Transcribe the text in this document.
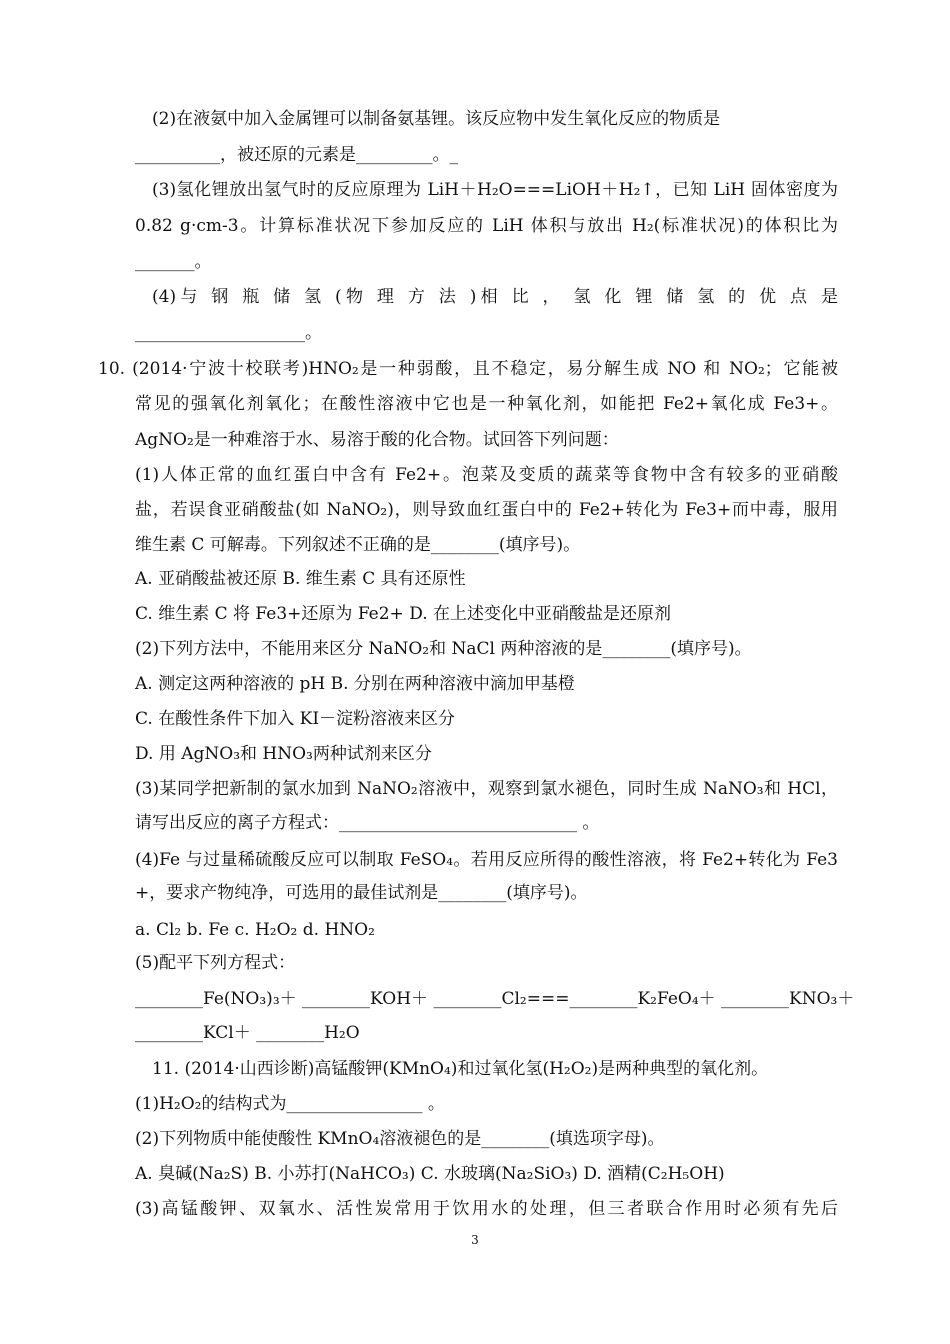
(2)在液氨中加入金属锂可以制备氨基锂。该反应物中发生氧化反应的物质是
__________，被还原的元素是_________。_
(3)氢化锂放出氢气时的反应原理为 LiH＋H₂O===LiOH＋H₂↑，已知 LiH 固体密度为
0.82 g·cm-3。计算标准状况下参加反应的 LiH 体积与放出 H₂(标准状况)的体积比为
_______。
(4)与 钢 瓶 储 氢 (物 理 方 法 )相 比 ， 氢 化 锂 储 氢 的 优 点 是
____________________。
10. (2014·宁波十校联考)HNO₂是一种弱酸，且不稳定，易分解生成 NO 和 NO₂；它能被
常见的强氧化剂氧化；在酸性溶液中它也是一种氧化剂，如能把 Fe2+氧化成 Fe3+。
AgNO₂是一种难溶于水、易溶于酸的化合物。试回答下列问题：
(1)人体正常的血红蛋白中含有 Fe2+。泡菜及变质的蔬菜等食物中含有较多的亚硝酸
盐，若误食亚硝酸盐(如 NaNO₂)，则导致血红蛋白中的 Fe2+转化为 Fe3+而中毒，服用
维生素 C 可解毒。下列叙述不正确的是________(填序号)。
A. 亚硝酸盐被还原 B. 维生素 C 具有还原性
C. 维生素 C 将 Fe3+还原为 Fe2+ D. 在上述变化中亚硝酸盐是还原剂
(2)下列方法中，不能用来区分 NaNO₂和 NaCl 两种溶液的是________(填序号)。
A. 测定这两种溶液的 pH B. 分别在两种溶液中滴加甲基橙
C. 在酸性条件下加入 KI－淀粉溶液来区分
D. 用 AgNO₃和 HNO₃两种试剂来区分
(3)某同学把新制的氯水加到 NaNO₂溶液中，观察到氯水褪色，同时生成 NaNO₃和 HCl，
请写出反应的离子方程式：____________________________ 。
(4)Fe 与过量稀硫酸反应可以制取 FeSO₄。若用反应所得的酸性溶液，将 Fe2+转化为 Fe3
+，要求产物纯净，可选用的最佳试剂是________(填序号)。
a. Cl₂ b. Fe c. H₂O₂ d. HNO₂
(5)配平下列方程式：
________Fe(NO₃)₃＋ ________KOH＋ ________Cl₂===________K₂FeO₄＋ ________KNO₃＋
________KCl＋ ________H₂O
11. (2014·山西诊断)高锰酸钾(KMnO₄)和过氧化氢(H₂O₂)是两种典型的氧化剂。
(1)H₂O₂的结构式为________________ 。
(2)下列物质中能使酸性 KMnO₄溶液褪色的是________(填选项字母)。
A. 臭碱(Na₂S) B. 小苏打(NaHCO₃) C. 水玻璃(Na₂SiO₃) D. 酒精(C₂H₅OH)
(3)高锰酸钾、双氧水、活性炭常用于饮用水的处理，但三者联合作用时必须有先后
3
